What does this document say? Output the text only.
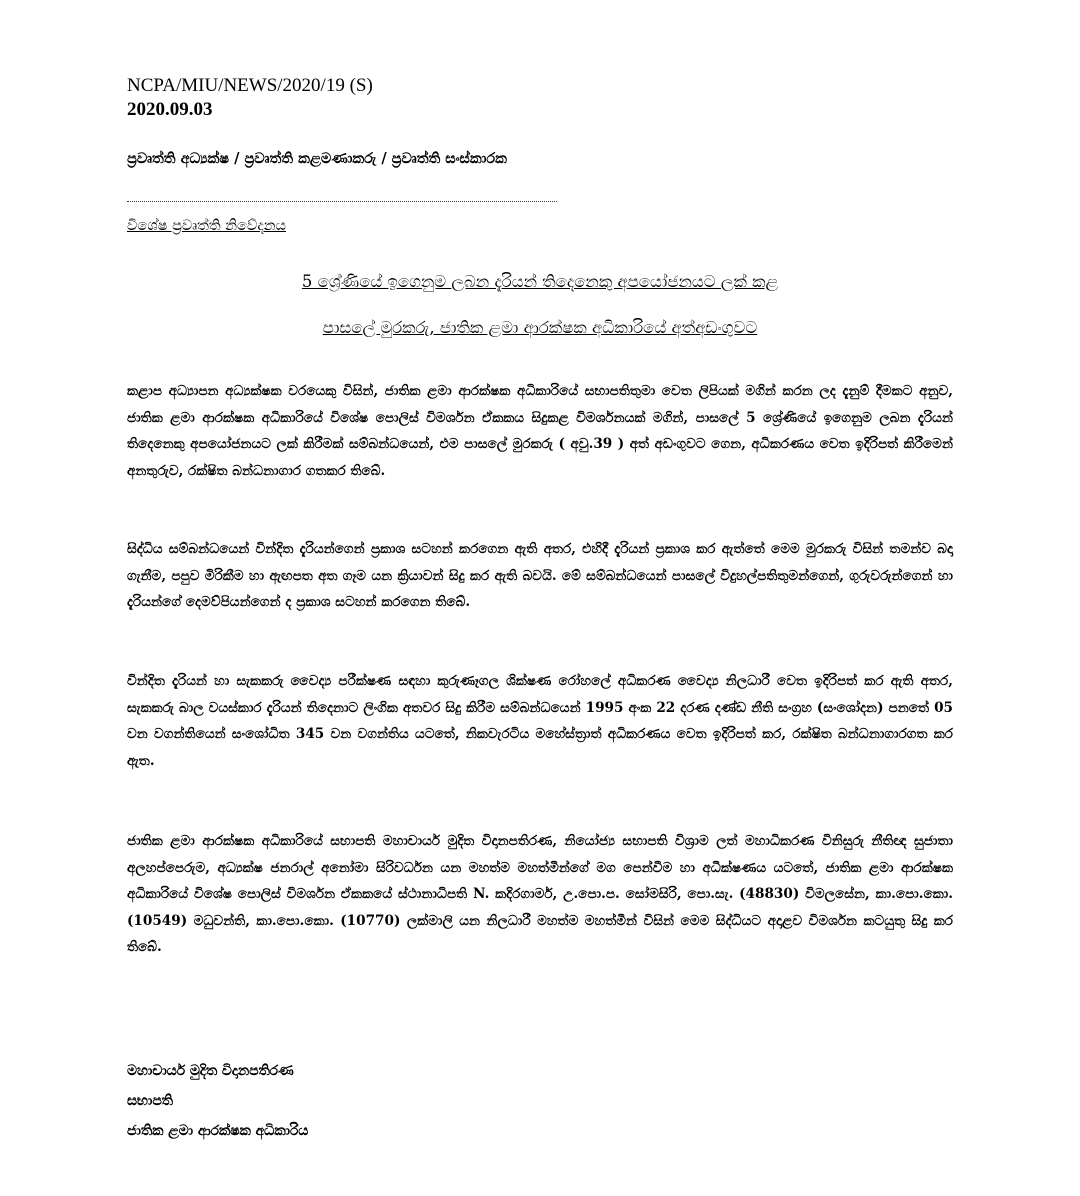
NCPA/MIU/NEWS/2020/19 (S)
2020.09.03
ප්‍රවෘත්ති අධ්‍යක්ෂ / ප්‍රවෘත්ති කළමණාකරු / ප්‍රවෘත්ති සංස්කාරක
විශේෂ ප්‍රවෘත්ති නිවේදනය
5 ශ්‍රේණියේ ඉගෙනුම ලබන දැරියන් තිදෙනෙකු අපයෝජනයට ලක් කළ
පාසලේ මුරකරු, ජාතික ළමා ආරක්ෂක අධිකාරියේ අත්අඩංගුවට
කළාප අධ්‍යාපන අධ්‍යක්ෂක වරයෙකු විසින්, ජාතික ළමා ආරක්ෂක අධිකාරියේ සභාපතිතුමා වෙත ලිපියක් මගින් කරන ලද දැනුම් දීමකට අනුව, ජාතික ළමා ආරක්ෂක අධිකාරියේ විශේෂ පොලිස් විමර්ශන ඒකකය සිදුකළ විමර්ශනයක් මගින්, පාසලේ 5 ශ්‍රේණියේ ඉගෙනුම ලබන දැරියන් තිදෙනෙකු අපයෝජනයට ලක් කිරීමක් සම්බන්ධයෙන්, එම පාසලේ මුරකරු ( අවු.39 ) අත් අඩංගුවට ගෙන, අධිකරණය වෙත ඉදිරිපත් කිරීමෙන් අනතුරුව, රක්ෂිත බන්ධනාගාර ගතකර තිබේ.
සිද්ධිය සම්බන්ධයෙන් වින්දිත දැරියන්ගෙන් ප්‍රකාශ සටහන් කරගෙන ඇති අතර, එහිදී දැරියන් ප්‍රකාශ කර ඇත්තේ මෙම මුරකරු විසින් තමන්ව බදා ගැනීම, පපුව මිරිකීම හා ඇඟපත අත ගෑම යන ක්‍රියාවන් සිදු කර ඇති බවයි. මේ සම්බන්ධයෙන් පාසලේ විදුහල්පතිතුමන්ගෙන්, ගුරුවරුන්ගෙන් හා දැරියන්ගේ දෙමව්පියන්ගෙන් ද ප්‍රකාශ සටහන් කරගෙන තිබේ.
වින්දිත දැරියන් හා සැකකරු වෛද්‍ය පරීක්ෂණ සඳහා කුරුණෑගල ශික්ෂණ රෝහලේ අධිකරණ වෛද්‍ය නිලධාරී වෙත ඉදිරිපත් කර ඇති අතර, සැකකරු බාල වයස්කාර දැරියන් තිදෙනාට ලිංගික අතවර සිදු කිරීම සම්බන්ධයෙන් 1995 අංක 22 දරණ දණ්ඩ නීති සංග්‍රහ (සංශෝදන) පනතේ 05 වන වගන්තියෙන් සංශෝධිත 345 වන වගන්තිය යටතේ, නිකවැරටිය මහේස්ත්‍රාත් අධිකරණය වෙත ඉදිරිපත් කර, රක්ෂිත බන්ධනාගාරගත කර ඇත.
ජාතික ළමා ආරක්ෂක අධිකාරියේ සභාපති මහාචාර්ය මුදිත විදානපතිරණ, නියෝජ්‍ය සභාපති විශ්‍රාම ලත් මහාධිකරණ විනිසුරු නීතිඥ සුජාතා අලහප්පෙරුම, අධ්‍යක්ෂ ජනරාල් අනෝමා සිරිවර්ධන යන මහත්ම මහත්මීන්ගේ මග පෙන්වීම හා අධීක්ෂණය යටතේ, ජාතික ළමා ආරක්ෂක අධිකාරියේ විශේෂ පොලිස් විමර්ශන ඒකකයේ ස්ථානාධිපති N. කදිරගාමර්, උ.පො.ප. සෝමසිරි, පො.සැ. (48830) විමලසේන, කා.පො.කො. (10549) මධුවන්ති, කා.පො.කො. (10770) ලක්මාලි යන නිලධාරී මහත්ම මහත්මීන් විසින් මෙම සිද්ධියට අදාළව විමර්ශන කටයුතු සිදු කර තිබේ.
මහාචාර්ය මුදිත විදානපතිරණ
සභාපති
ජාතික ළමා ආරක්ෂක අධිකාරිය
